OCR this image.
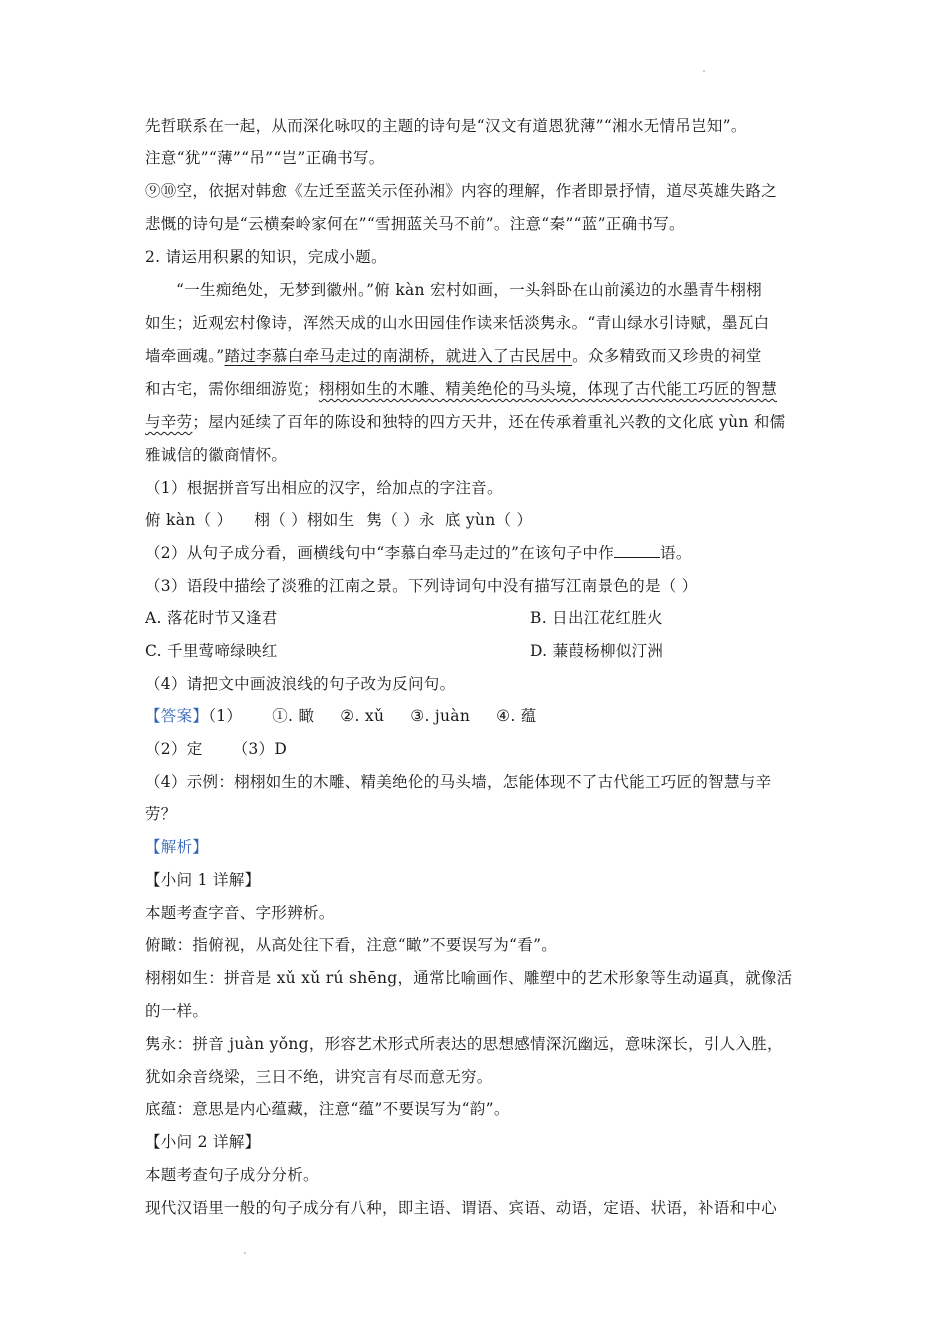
先哲联系在一起，从而深化咏叹的主题的诗句是“汉文有道恩犹薄”“湘水无情吊岂知”。
注意“犹”“薄”“吊”“岂”正确书写。
⑨⑩空，依据对韩愈《左迁至蓝关示侄孙湘》内容的理解，作者即景抒情，道尽英雄失路之
悲慨的诗句是“云横秦岭家何在”“雪拥蓝关马不前”。注意“秦”“蓝”正确书写。
2. 请运用积累的知识，完成小题。
“一生痴绝处，无梦到徽州。”俯 kàn 宏村如画，一头斜卧在山前溪边的水墨青牛栩栩
如生；近观宏村像诗，浑然天成的山水田园佳作读来恬淡隽永。“青山绿水引诗赋，墨瓦白
墙牵画魂。”踏过李慕白牵马走过的南湖桥，就进入了古民居中。众多精致而又珍贵的祠堂
和古宅，需你细细游览；栩栩如生的木雕、精美绝伦的马头境，体现了古代能工巧匠的智慧
与辛劳；屋内延续了百年的陈设和独特的四方天井，还在传承着重礼兴教的文化底 yùn 和儒
雅诚信的徽商情怀。
（1）根据拼音写出相应的汉字，给加点的字注音。
俯 kàn（ ） 栩（ ）栩如生 隽（ ）永 底 yùn（ ）
（2）从句子成分看，画横线句中“李慕白牵马走过的”在该句子中作	语。
（3）语段中描绘了淡雅的江南之景。下列诗词句中没有描写江南景色的是（ ）
A. 落花时节又逢君	B. 日出江花红胜火
C. 千里莺啼绿映红	D. 蒹葭杨柳似汀洲
（4）请把文中画波浪线的句子改为反问句。
【答案】（1） ①. 瞰 ②. xǔ ③. juàn ④. 蕴
（2）定 （3）D
（4）示例：栩栩如生的木雕、精美绝伦的马头墙，怎能体现不了古代能工巧匠的智慧与辛
劳？
【解析】
【小问 1 详解】
本题考查字音、字形辨析。
俯瞰：指俯视，从高处往下看，注意“瞰”不要误写为“看”。
栩栩如生：拼音是 xǔ xǔ rú shēng，通常比喻画作、雕塑中的艺术形象等生动逼真，就像活
的一样。
隽永：拼音 juàn yǒng，形容艺术形式所表达的思想感情深沉幽远，意味深长，引人入胜，
犹如余音绕梁，三日不绝，讲究言有尽而意无穷。
底蕴：意思是内心蕴藏，注意“蕴”不要误写为“韵”。
【小问 2 详解】
本题考查句子成分分析。
现代汉语里一般的句子成分有八种，即主语、谓语、宾语、动语，定语、状语，补语和中心
